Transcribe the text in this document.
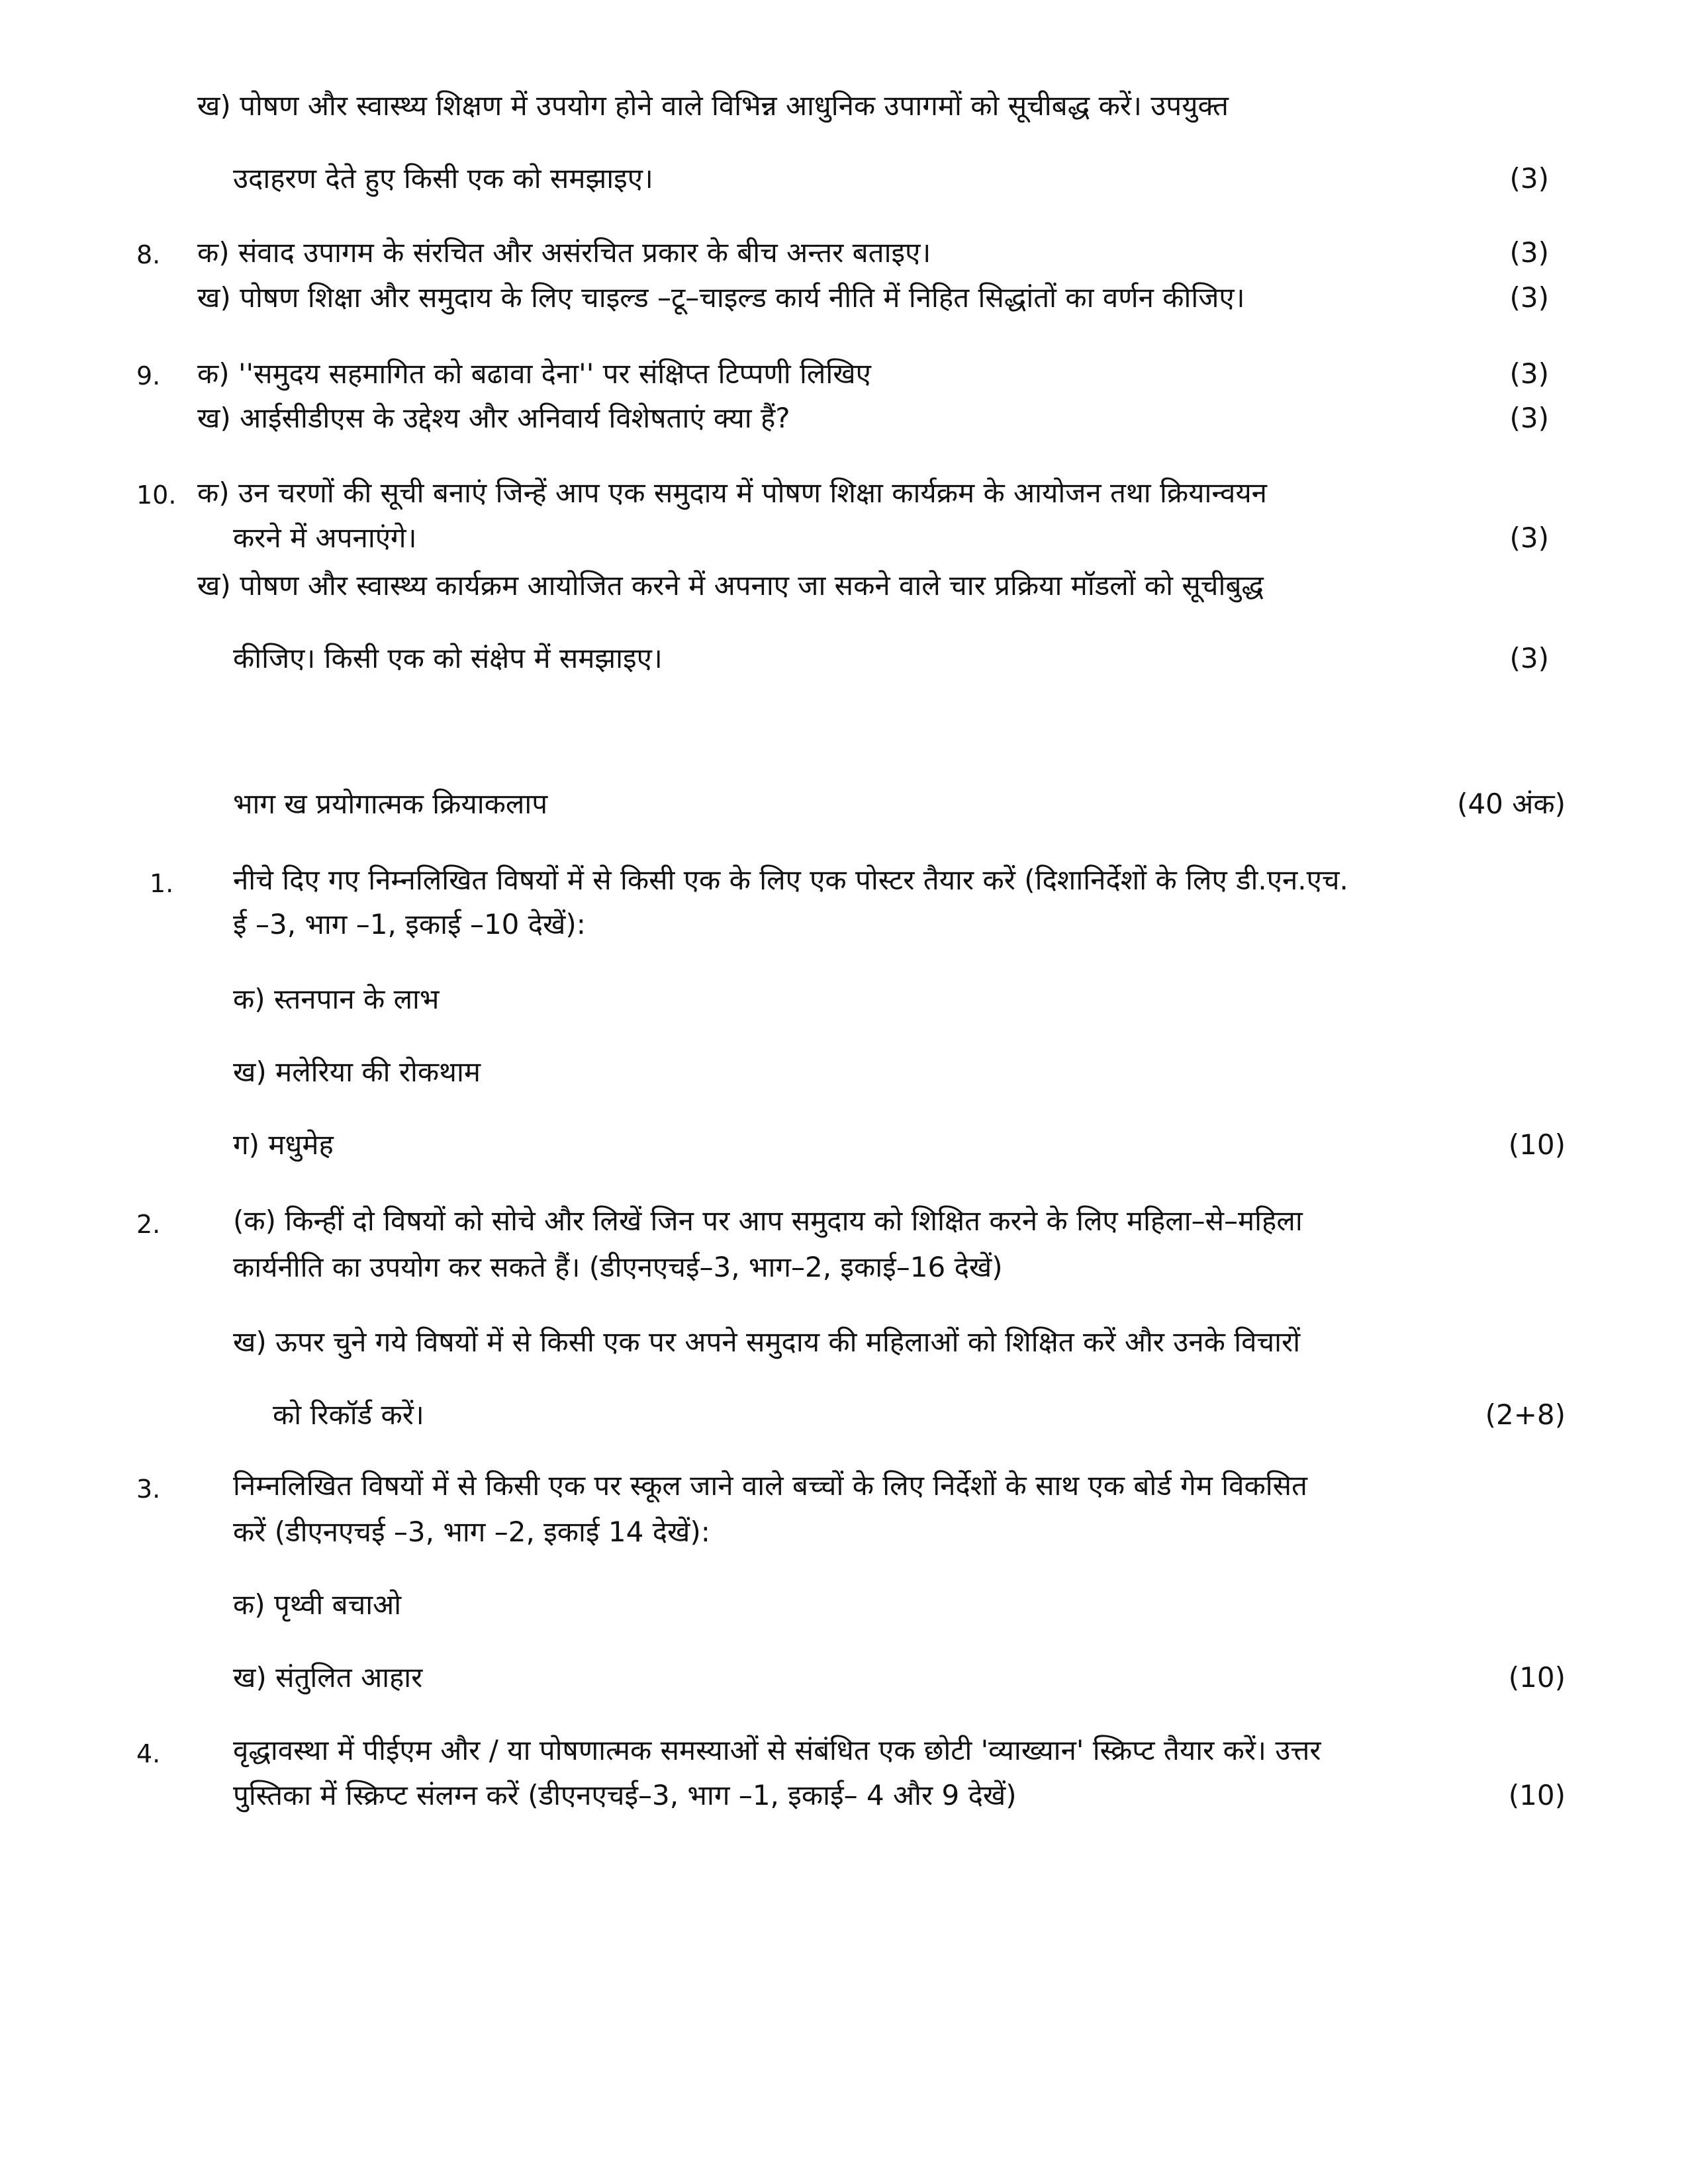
ख) पोषण और स्वास्थ्य शिक्षण में उपयोग होने वाले विभिन्न आधुनिक उपागमों को सूचीबद्ध करें। उपयुक्त
उदाहरण देते हुए किसी एक को समझाइए।	(3)
8. क) संवाद उपागम के संरचित और असंरचित प्रकार के बीच अन्तर बताइए।	(3)
ख) पोषण शिक्षा और समुदाय के लिए चाइल्ड –टू–चाइल्ड कार्य नीति में निहित सिद्धांतों का वर्णन कीजिए।	(3)
9. क) ''समुदय सहमागित को बढावा देना'' पर संक्षिप्त टिप्पणी लिखिए	(3)
ख) आईसीडीएस के उद्देश्य और अनिवार्य विशेषताएं क्या हैं?	(3)
10. क) उन चरणों की सूची बनाएं जिन्हें आप एक समुदाय में पोषण शिक्षा कार्यक्रम के आयोजन तथा क्रियान्वयन
करने में अपनाएंगे।	(3)
ख) पोषण और स्वास्थ्य कार्यक्रम आयोजित करने में अपनाए जा सकने वाले चार प्रक्रिया मॉडलों को सूचीबुद्ध
कीजिए। किसी एक को संक्षेप में समझाइए।	(3)
भाग ख प्रयोगात्मक क्रियाकलाप	(40 अंक)
1. नीचे दिए गए निम्नलिखित विषयों में से किसी एक के लिए एक पोस्टर तैयार करें (दिशानिर्देशों के लिए डी.एन.एच.
ई –3, भाग –1, इकाई –10 देखें):
क) स्तनपान के लाभ
ख) मलेरिया की रोकथाम
ग) मधुमेह	(10)
2.	(क) किन्हीं दो विषयों को सोचे और लिखें जिन पर आप समुदाय को शिक्षित करने के लिए महिला–से–महिला
कार्यनीति का उपयोग कर सकते हैं। (डीएनएचई–3, भाग–2, इकाई–16 देखें)
ख) ऊपर चुने गये विषयों में से किसी एक पर अपने समुदाय की महिलाओं को शिक्षित करें और उनके विचारों
को रिकॉर्ड करें।	(2+8)
3.	निम्नलिखित विषयों में से किसी एक पर स्कूल जाने वाले बच्चों के लिए निर्देशों के साथ एक बोर्ड गेम विकसित
करें (डीएनएचई –3, भाग –2, इकाई 14 देखें):
क) पृथ्वी बचाओ
ख) संतुलित आहार	(10)
4.	वृद्धावस्था में पीईएम और / या पोषणात्मक समस्याओं से संबंधित एक छोटी 'व्याख्यान' स्क्रिप्ट तैयार करें। उत्तर
पुस्तिका में स्क्रिप्ट संलग्न करें (डीएनएचई–3, भाग –1, इकाई– 4 और 9 देखें)	(10)
